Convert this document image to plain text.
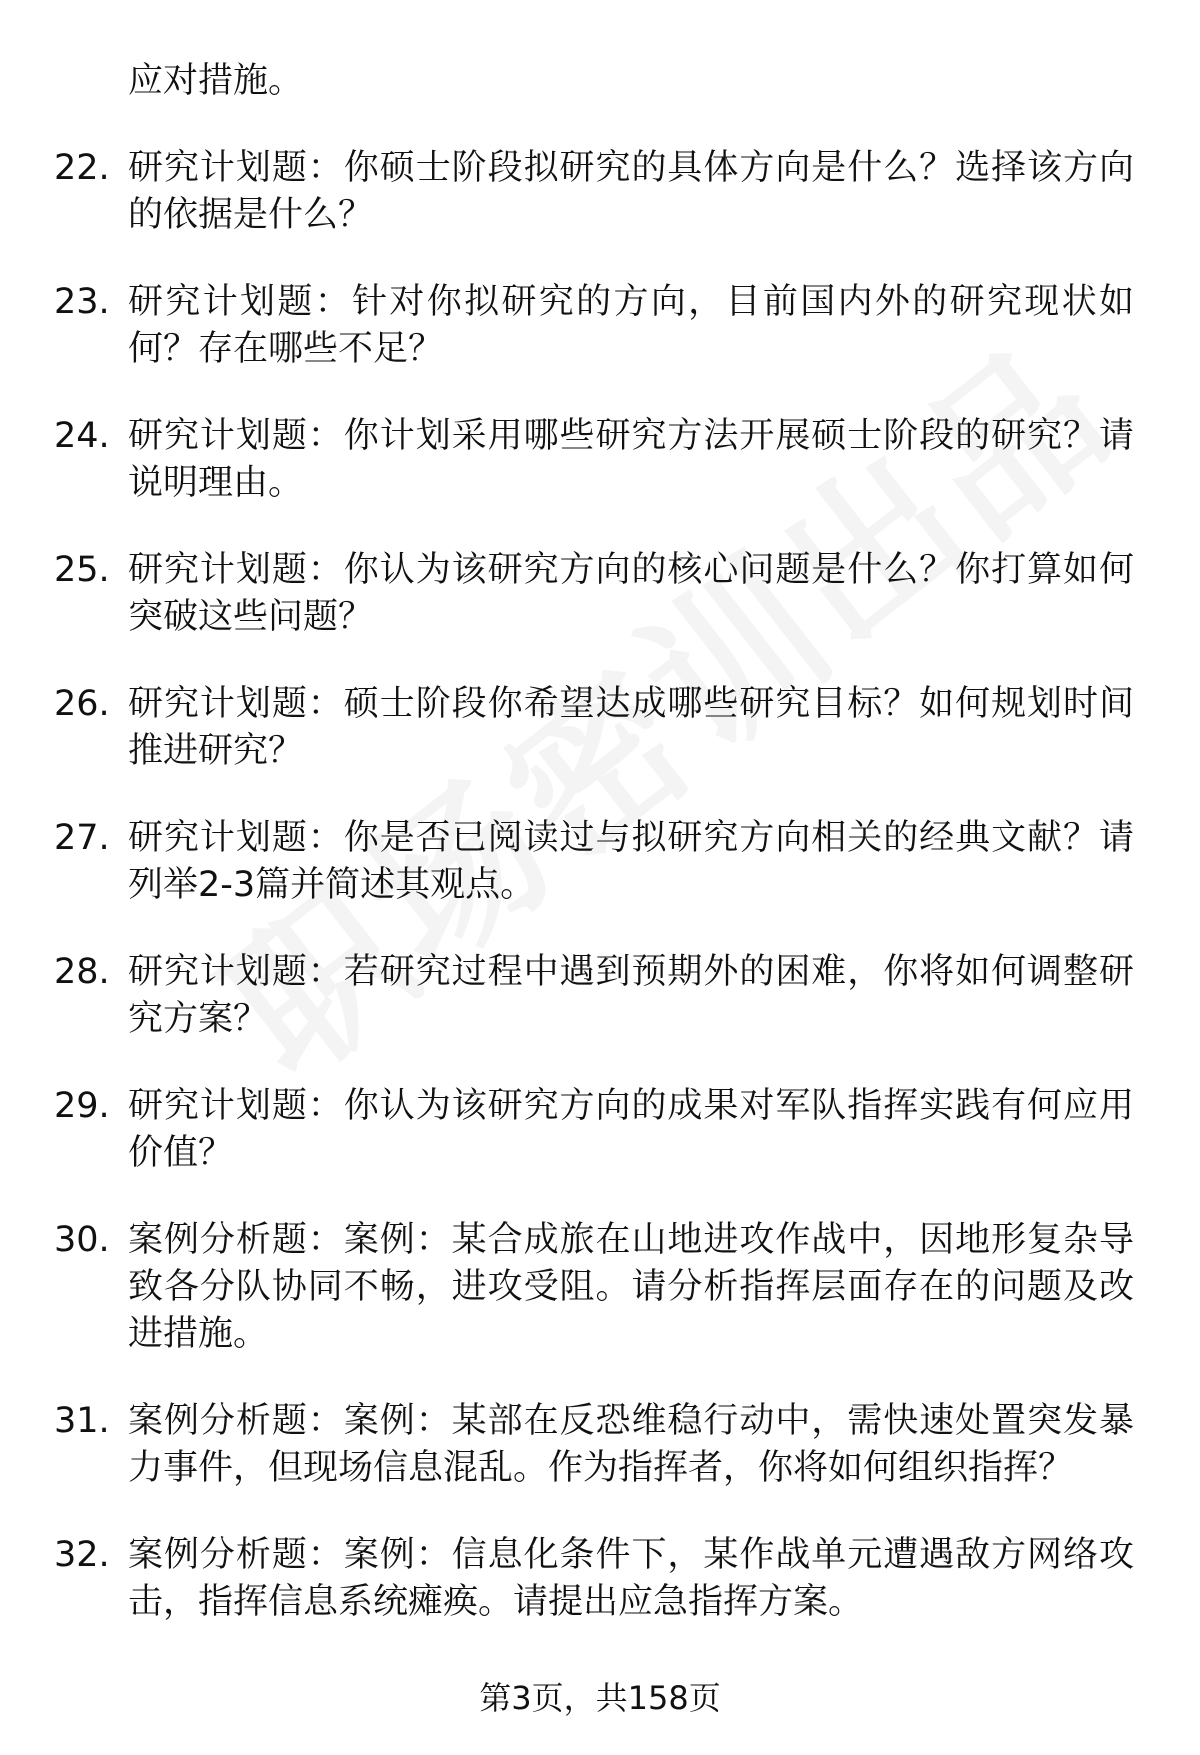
应对措施。
22. 研究计划题：你硕士阶段拟研究的具体方向是什么？选择该方向的依据是什么？
23. 研究计划题：针对你拟研究的方向，目前国内外的研究现状如何？存在哪些不足？
24. 研究计划题：你计划采用哪些研究方法开展硕士阶段的研究？请说明理由。
25. 研究计划题：你认为该研究方向的核心问题是什么？你打算如何突破这些问题？
26. 研究计划题：硕士阶段你希望达成哪些研究目标？如何规划时间推进研究？
27. 研究计划题：你是否已阅读过与拟研究方向相关的经典文献？请列举2-3篇并简述其观点。
28. 研究计划题：若研究过程中遇到预期外的困难，你将如何调整研究方案？
29. 研究计划题：你认为该研究方向的成果对军队指挥实践有何应用价值？
30. 案例分析题：案例：某合成旅在山地进攻作战中，因地形复杂导致各分队协同不畅，进攻受阻。请分析指挥层面存在的问题及改进措施。
31. 案例分析题：案例：某部在反恐维稳行动中，需快速处置突发暴力事件，但现场信息混乱。作为指挥者，你将如何组织指挥？
32. 案例分析题：案例：信息化条件下，某作战单元遭遇敌方网络攻击，指挥信息系统瘫痪。请提出应急指挥方案。
第3页，共158页
